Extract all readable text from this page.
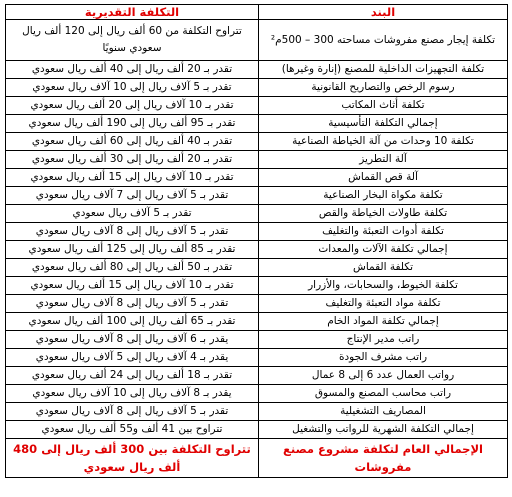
البند	التكلفة التقديرية
تكلفة إيجار مصنع مفروشات مساحته 300 – 500م²	تتراوح التكلفة من 60 ألف ريال إلى 120 ألف ريال سعودي سنويًا
تكلفة التجهيزات الداخلية للمصنع (إنارة وغيرها)	تقدر بـ 20 ألف ريال إلى 40 ألف ريال سعودي
رسوم الرخص والتصاريح القانونية	تقدر بـ 5 آلاف ريال إلى 10 آلاف ريال سعودي
تكلفة أثاث المكاتب	تقدر بـ 10 آلاف ريال إلى 20 ألف ريال سعودي
إجمالي التكلفة التأسيسية	تقدر بـ 95 ألف ريال إلى 190 ألف ريال سعودي
تكلفة 10 وحدات من آلة الخياطة الصناعية	تقدر بـ 40 ألف ريال إلى 60 ألف ريال سعودي
آلة التطريز	تقدر بـ 20 ألف ريال إلى 30 ألف ريال سعودي
آلة قص القماش	تقدر بـ 10 آلاف ريال إلى 15 ألف ريال سعودي
تكلفة مكواة البخار الصناعية	تقدر بـ 5 آلاف ريال إلى 7 آلاف ريال سعودي
تكلفة طاولات الخياطة والقص	تقدر بـ 5 آلاف ريال سعودي
تكلفة أدوات التعبئة والتغليف	تقدر بـ 5 آلاف ريال إلى 8 آلاف ريال سعودي
إجمالي تكلفة الآلات والمعدات	تقدر بـ 85 ألف ريال إلى 125 ألف ريال سعودي
تكلفة القماش	تقدر بـ 50 ألف ريال إلى 80 ألف ريال سعودي
تكلفة الخيوط، والسحابات، والأزرار	تقدر بـ 10 آلاف ريال إلى 15 ألف ريال سعودي
تكلفة مواد التعبئة والتغليف	تقدر بـ 5 آلاف ريال إلى 8 آلاف ريال سعودي
إجمالي تكلفة المواد الخام	تقدر بـ 65 ألف ريال إلى 100 ألف ريال سعودي
راتب مدير الإنتاج	يقدر بـ 6 آلاف ريال إلى 8 آلاف ريال سعودي
راتب مشرف الجودة	يقدر بـ 4 آلاف ريال إلى 5 آلاف ريال سعودي
رواتب العمال عدد 6 إلى 8 عمال	تقدر بـ 18 ألف ريال إلى 24 ألف ريال سعودي
راتب محاسب المصنع والمسوق	يقدر بـ 8 آلاف ريال إلى 10 آلاف ريال سعودي
المصاريف التشغيلية	تقدر بـ 5 آلاف ريال إلى 8 آلاف ريال سعودي
إجمالي التكلفة الشهرية للرواتب والتشغيل	تتراوح بين 41 ألف و55 ألف ريال سعودي
الإجمالي العام لتكلفة مشروع مصنع مفروشات	تتراوح التكلفة بين 300 ألف ريال إلى 480 ألف ريال سعودي
